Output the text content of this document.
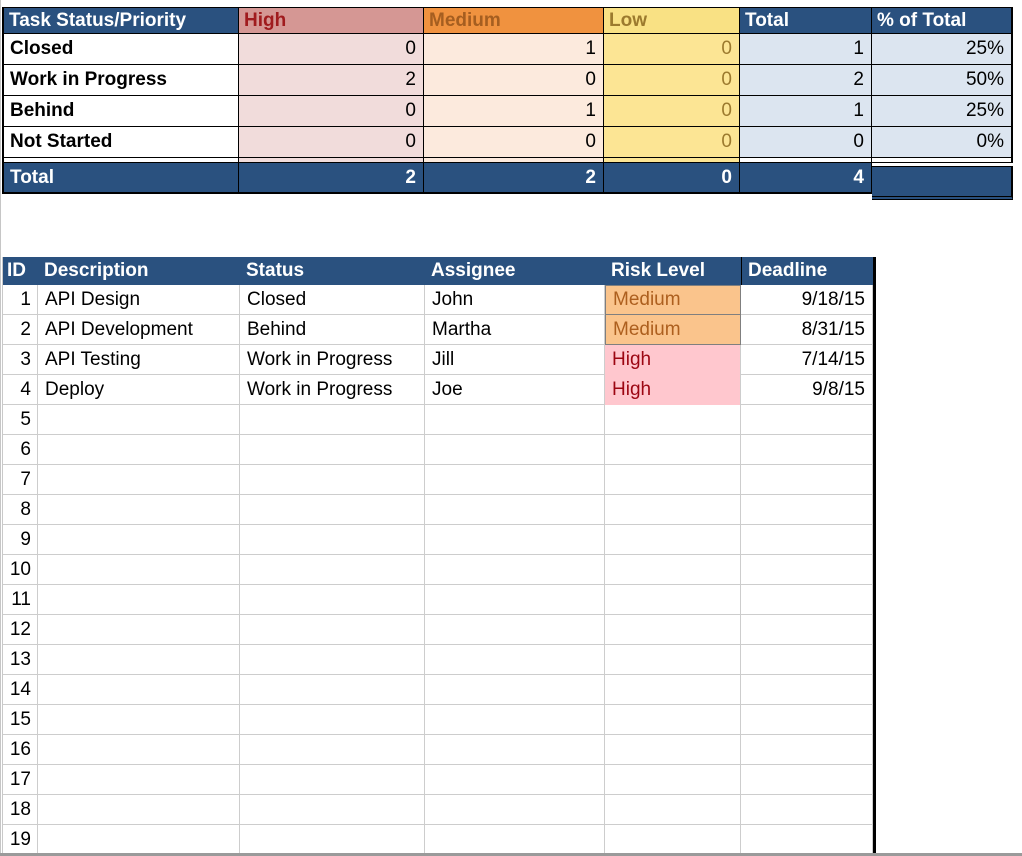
Task Status/Priority	High	Medium	Low	Total	% of Total
Closed	0	1	0	1	25%
Work in Progress	2	0	0	2	50%
Behind	0	1	0	1	25%
Not Started	0	0	0	0	0%
Total	2	2	0	4
ID Description	Status	Assignee	Risk Level	Deadline
1 API Design	Closed	John	Medium	9/18/15
2 API Development	Behind	Martha	Medium	8/31/15
3 API Testing	Work in Progress	Jill	High	7/14/15
4 Deploy	Work in Progress	Joe	High	9/8/15
5
6
7
8
9
10
11
12
13
14
15
16
17
18
19
